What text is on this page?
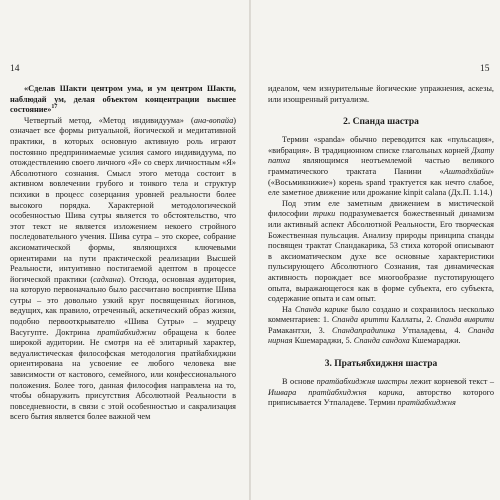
14	15

«Сделав Шакти центром ума, и ум центром Шакти, наблюдай ум, делая объектом концентрации высшее состояние»$^{17}$

Четвертый метод, «Метод индивидуума» (ана-вопайа) означает все формы ритуальной, йогической и медитативной практики, в которых основную активную роль играют постоянно предпринимаемые усилия самого индивидуума, по отождествлению своего личного «Я» со сверх личностным «Я» Абсолютного сознания. Смысл этого метода состоит в активном вовлечении грубого и тонкого тела и структур психики в процесс созерцания уровней реальности более высокого порядка. Характерной методологической особенностью Шива сутры является то обстоятельство, что этот текст не является изложением некоего стройного последовательного учения. Шива сутра – это скорее, собрание аксиоматической формы, являющихся ключевыми ориентирами на пути практической реализации Высшей Реальности, интуитивно постигаемой адептом в процессе йогической практики (садхана). Отсюда, основная аудитория, на которую первоначально было рассчитано восприятие Шива сутры – это довольно узкий круг посвященных йогинов, ведущих, как правило, отреченный, аскетический образ жизни, подобно первооткрывателю «Шива Сутры» – мудрецу Васугупте. Доктрина пратйабхиджни обращена к более широкой аудитории. Не смотря на её элитарный характер, ведуалистическая философская методология пратйабхиджни ориентирована на усвоение ее любого человека вне зависимости от кастового, семейного, или конфессионального положения. Более того, данная философия направлена на то, чтобы обнаружить присутствия Абсолютной Реальности в повседневности, в связи с этой особенностью и сакрализация всего бытия является более важной чем

идеалом, чем изнурительные йогические упражнения, аскезы, или изощренный ритуализм.

2. Спанда шастра

Термин «spanda» обычно переводится как «пульсация», «вибрация». В традиционном списке глагольных корней Дхату патха являющимся неотъемлемой частью великого грамматического трактата Панини «Аштадхйайи» («Восьмикнижие») корень spand трактуется как нечто слабое, еле заметное движение или дрожание kinpit calana (Дх.П. 1.14.)

Под этим еле заметным движением в мистической философии трики подразумевается божественный динамизм или активный аспект Абсолютной Реальности, Его творческая Божественная пульсация. Анализу природы принципа спанды посвящен трактат Спандакарика, 53 стиха которой описывают в аксиоматическом духе все основные характеристики пульсирующего Абсолютного Сознания, тая динамическая активность порождает все многообразие пустотирующего опыта, выражающегося как в форме субъекта, его субъекта, содержание опыта и сам опыт.

На Спанда карике было создано и сохранилось несколько комментариев: 1. Спанда вритти Каллаты, 2. Спанда виврити Рамакантхи, 3. Спандапрадипика Утпаладевы, 4. Спанда нирная Кшемараджи, 5. Спанда сандоха Кшемараджи.

3. Пратьябхиджня шастра

В основе пратйабхиджня шастры лежит корневой текст – Ишвара пратйабхиджня карика, авторство которого приписывается Утпаладеве. Термин пратйабхиджня
